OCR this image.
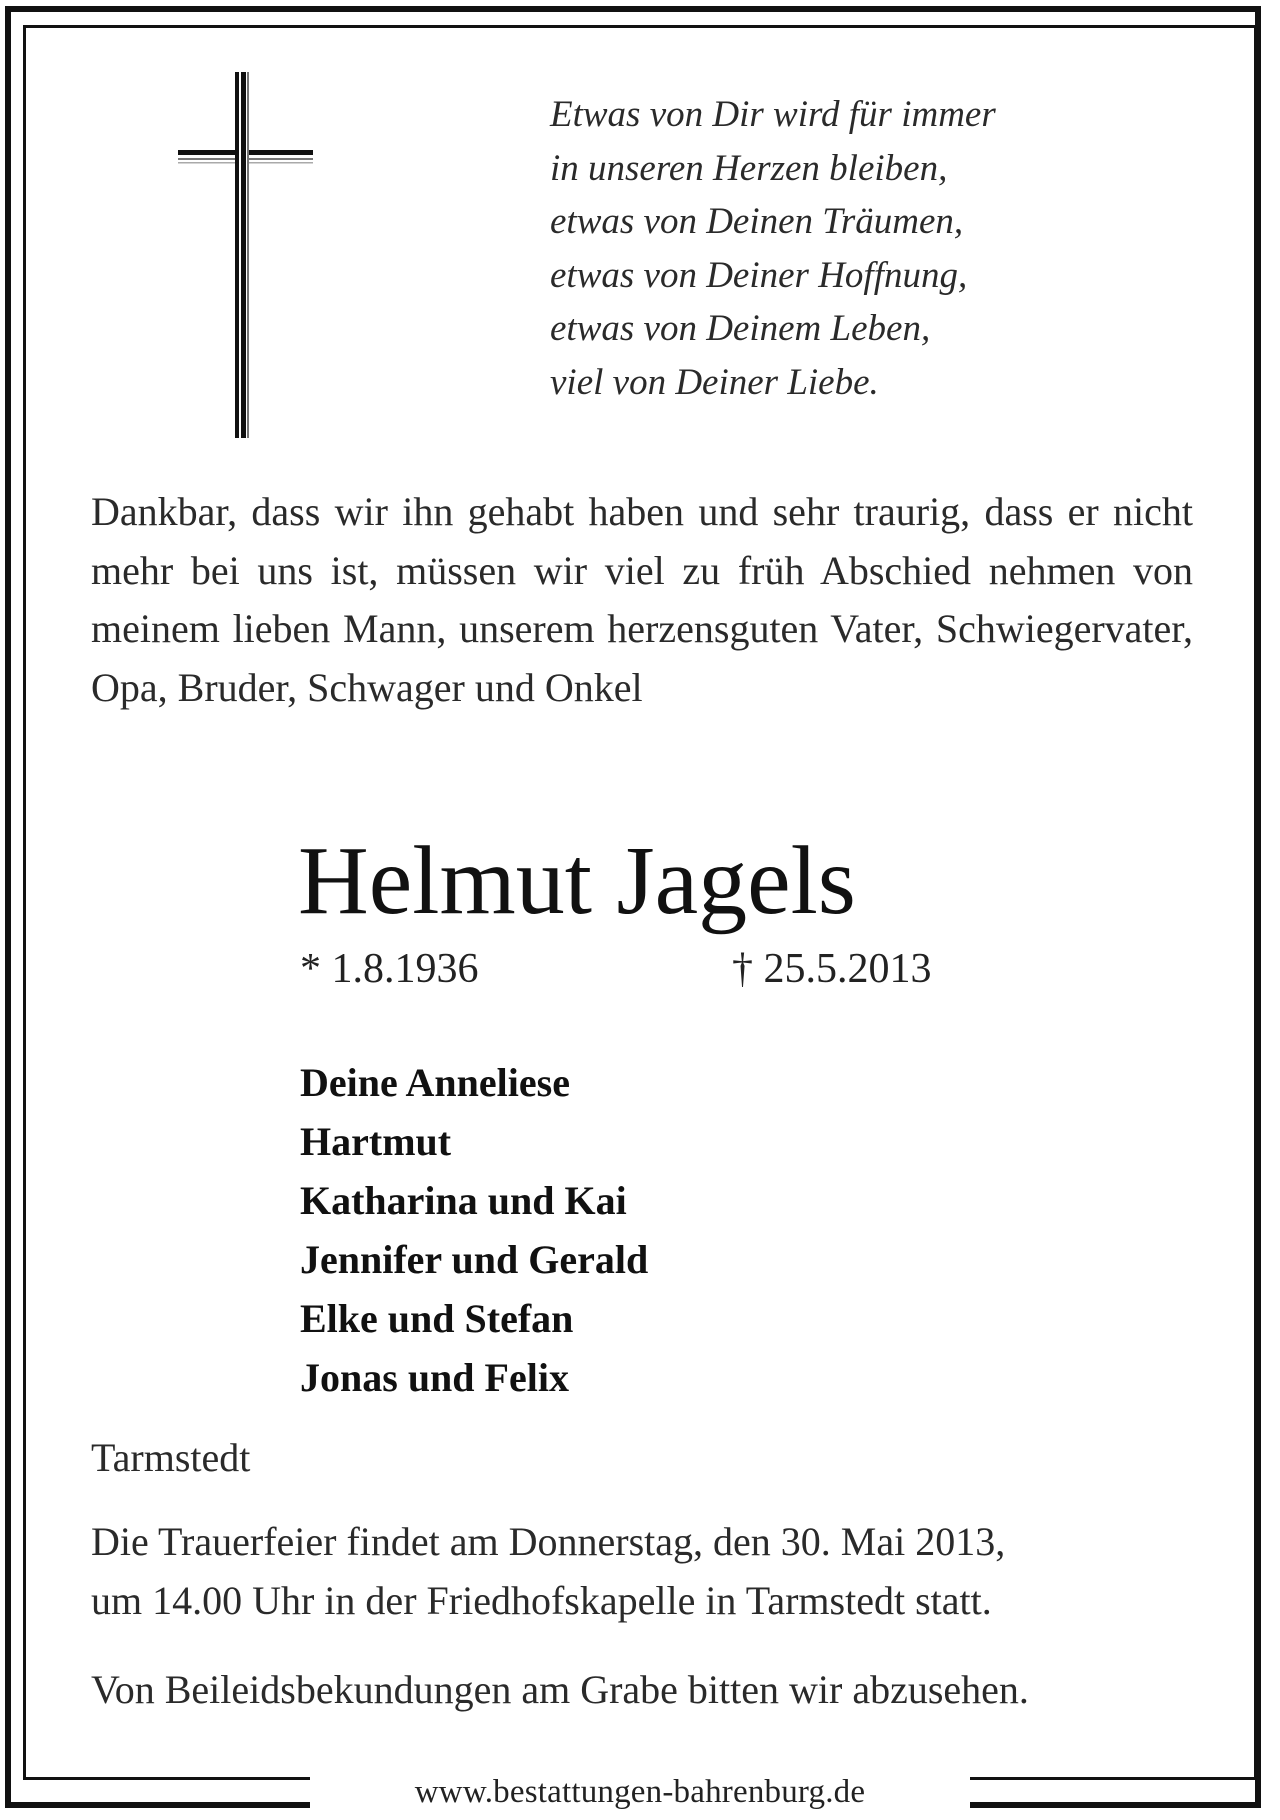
www.bestattungen-bahrenburg.de
Etwas von Dir wird für immer
in unseren Herzen bleiben,
etwas von Deinen Träumen,
etwas von Deiner Hoffnung,
etwas von Deinem Leben,
viel von Deiner Liebe.
Dankbar, dass wir ihn gehabt haben und sehr traurig, dass er nicht mehr bei uns ist, müssen wir viel zu früh Abschied nehmen von meinem lieben Mann, unserem herzensguten Vater, Schwiegervater, Opa, Bruder, Schwager und Onkel
Helmut Jagels
* 1.8.1936	† 25.5.2013
Deine Anneliese
Hartmut
Katharina und Kai
Jennifer und Gerald
Elke und Stefan
Jonas und Felix
Tarmstedt
Die Trauerfeier findet am Donnerstag, den 30. Mai 2013,
um 14.00 Uhr in der Friedhofskapelle in Tarmstedt statt.
Von Beileidsbekundungen am Grabe bitten wir abzusehen.
